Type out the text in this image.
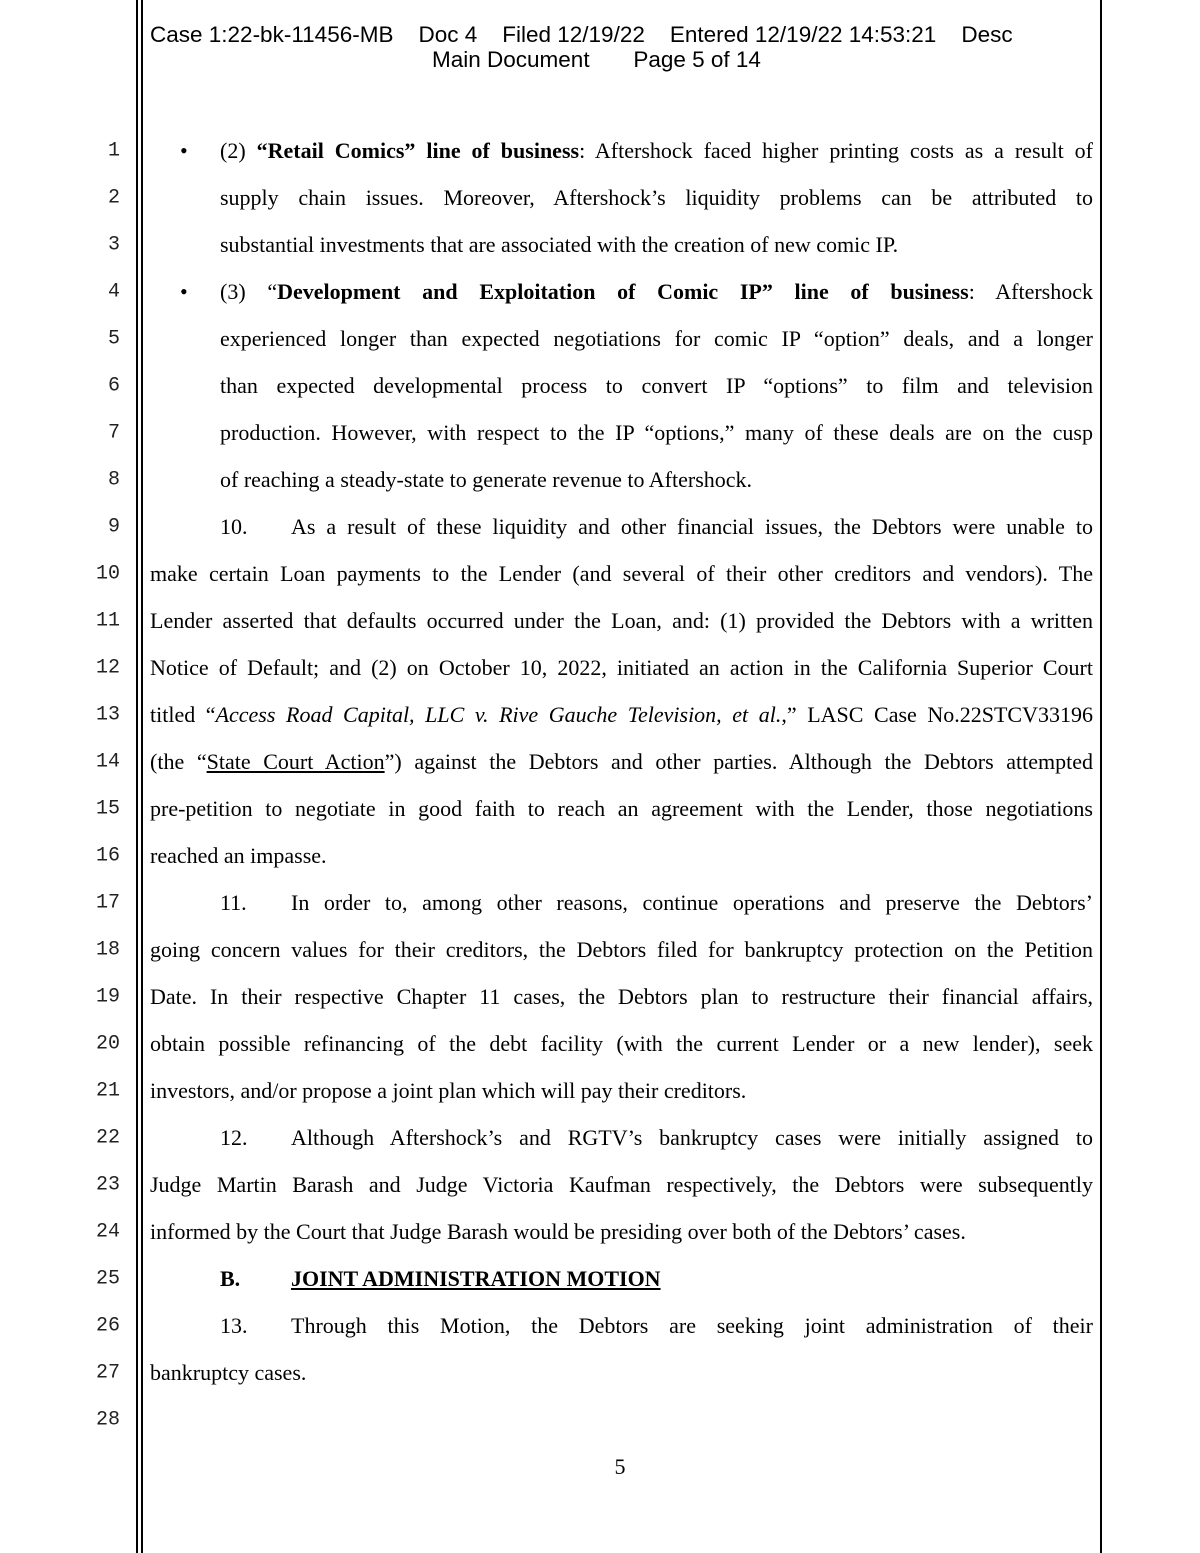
Case 1:22-bk-11456-MB    Doc 4    Filed 12/19/22    Entered 12/19/22 14:53:21    Desc
Main Document       Page 5 of 14
1
2
3
4
5
6
7
8
9
10
11
12
13
14
15
16
17
18
19
20
21
22
23
24
25
26
27
28
• (2) “Retail Comics” line of business: Aftershock faced higher printing costs as a result of
supply chain issues. Moreover, Aftershock’s liquidity problems can be attributed to
substantial investments that are associated with the creation of new comic IP.
• (3) “Development and Exploitation of Comic IP” line of business: Aftershock
experienced longer than expected negotiations for comic IP “option” deals, and a longer
than expected developmental process to convert IP “options” to film and television
production. However, with respect to the IP “options,” many of these deals are on the cusp
of reaching a steady-state to generate revenue to Aftershock.
10. As a result of these liquidity and other financial issues, the Debtors were unable to
make certain Loan payments to the Lender (and several of their other creditors and vendors). The
Lender asserted that defaults occurred under the Loan, and: (1) provided the Debtors with a written
Notice of Default; and (2) on October 10, 2022, initiated an action in the California Superior Court
titled “Access Road Capital, LLC v. Rive Gauche Television, et al.,” LASC Case No.22STCV33196
(the “State Court Action”) against the Debtors and other parties. Although the Debtors attempted
pre-petition to negotiate in good faith to reach an agreement with the Lender, those negotiations
reached an impasse.
11. In order to, among other reasons, continue operations and preserve the Debtors’
going concern values for their creditors, the Debtors filed for bankruptcy protection on the Petition
Date. In their respective Chapter 11 cases, the Debtors plan to restructure their financial affairs,
obtain possible refinancing of the debt facility (with the current Lender or a new lender), seek
investors, and/or propose a joint plan which will pay their creditors.
12. Although Aftershock’s and RGTV’s bankruptcy cases were initially assigned to
Judge Martin Barash and Judge Victoria Kaufman respectively, the Debtors were subsequently
informed by the Court that Judge Barash would be presiding over both of the Debtors’ cases.
B. JOINT ADMINISTRATION MOTION
13. Through this Motion, the Debtors are seeking joint administration of their
bankruptcy cases.
5
